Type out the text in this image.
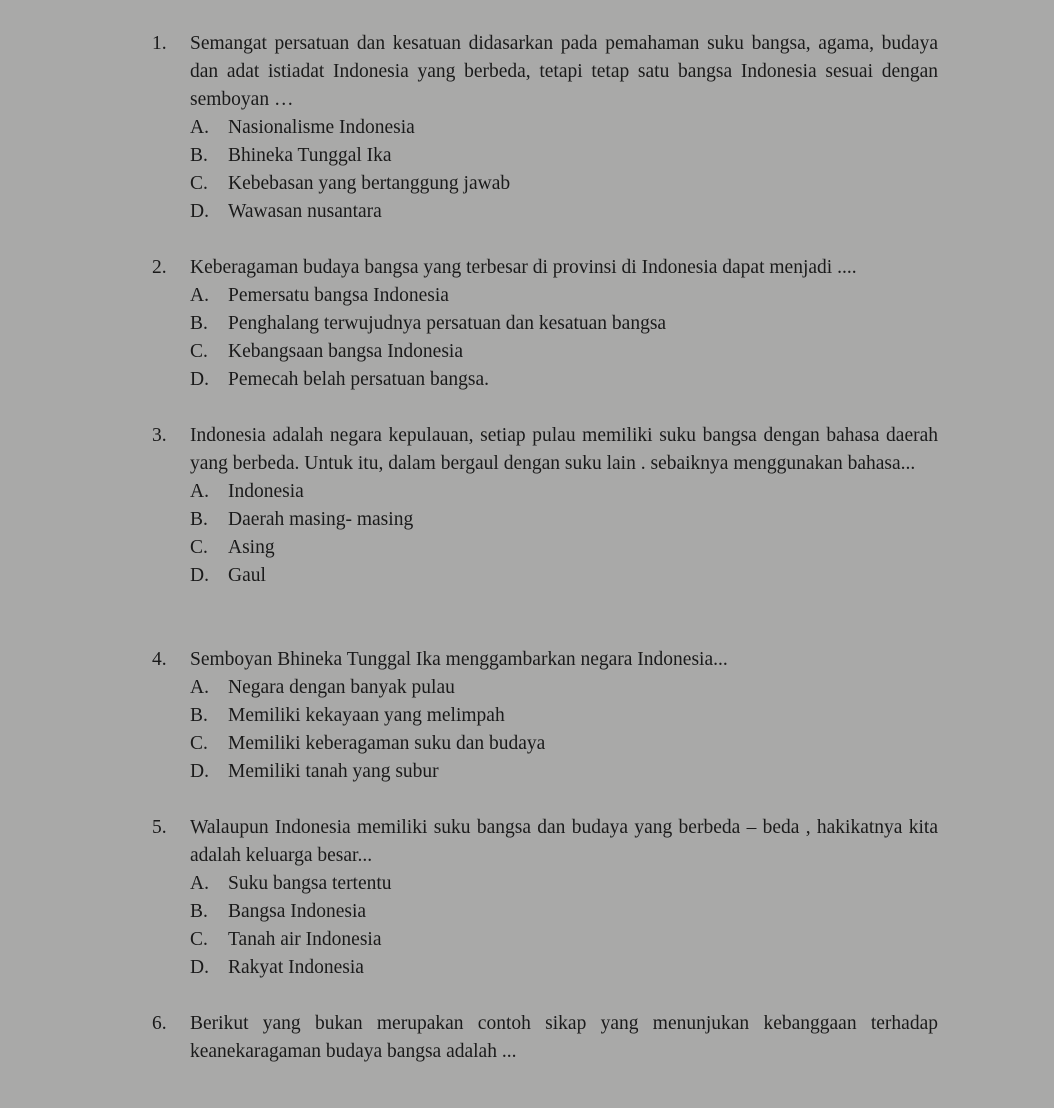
1.	Semangat persatuan dan kesatuan didasarkan pada pemahaman suku bangsa, agama, budaya dan adat istiadat Indonesia yang berbeda, tetapi tetap satu bangsa Indonesia sesuai dengan semboyan …
A. Nasionalisme Indonesia
B.	Bhineka Tunggal Ika
C.	Kebebasan yang bertanggung jawab
D. Wawasan nusantara
2.	Keberagaman budaya bangsa yang terbesar di provinsi di Indonesia dapat menjadi ....
A. Pemersatu bangsa Indonesia
B.	Penghalang terwujudnya persatuan dan kesatuan bangsa
C.	Kebangsaan bangsa Indonesia
D. Pemecah belah persatuan bangsa.
3.	Indonesia adalah negara kepulauan, setiap pulau memiliki suku bangsa dengan bahasa daerah yang berbeda. Untuk itu, dalam bergaul dengan suku lain . sebaiknya menggunakan bahasa...
A. Indonesia
B.	Daerah masing- masing
C.	Asing
D. Gaul
4.	Semboyan Bhineka Tunggal Ika menggambarkan negara Indonesia...
A. Negara dengan banyak pulau
B.	Memiliki kekayaan yang melimpah
C.	Memiliki keberagaman suku dan budaya
D. Memiliki tanah yang subur
5.	Walaupun Indonesia memiliki suku bangsa dan budaya yang berbeda – beda , hakikatnya kita adalah keluarga besar...
A. Suku bangsa tertentu
B.	Bangsa Indonesia
C.	Tanah air Indonesia
D. Rakyat Indonesia
6.	Berikut yang bukan merupakan contoh sikap yang menunjukan kebanggaan terhadap keanekaragaman budaya bangsa adalah ...
